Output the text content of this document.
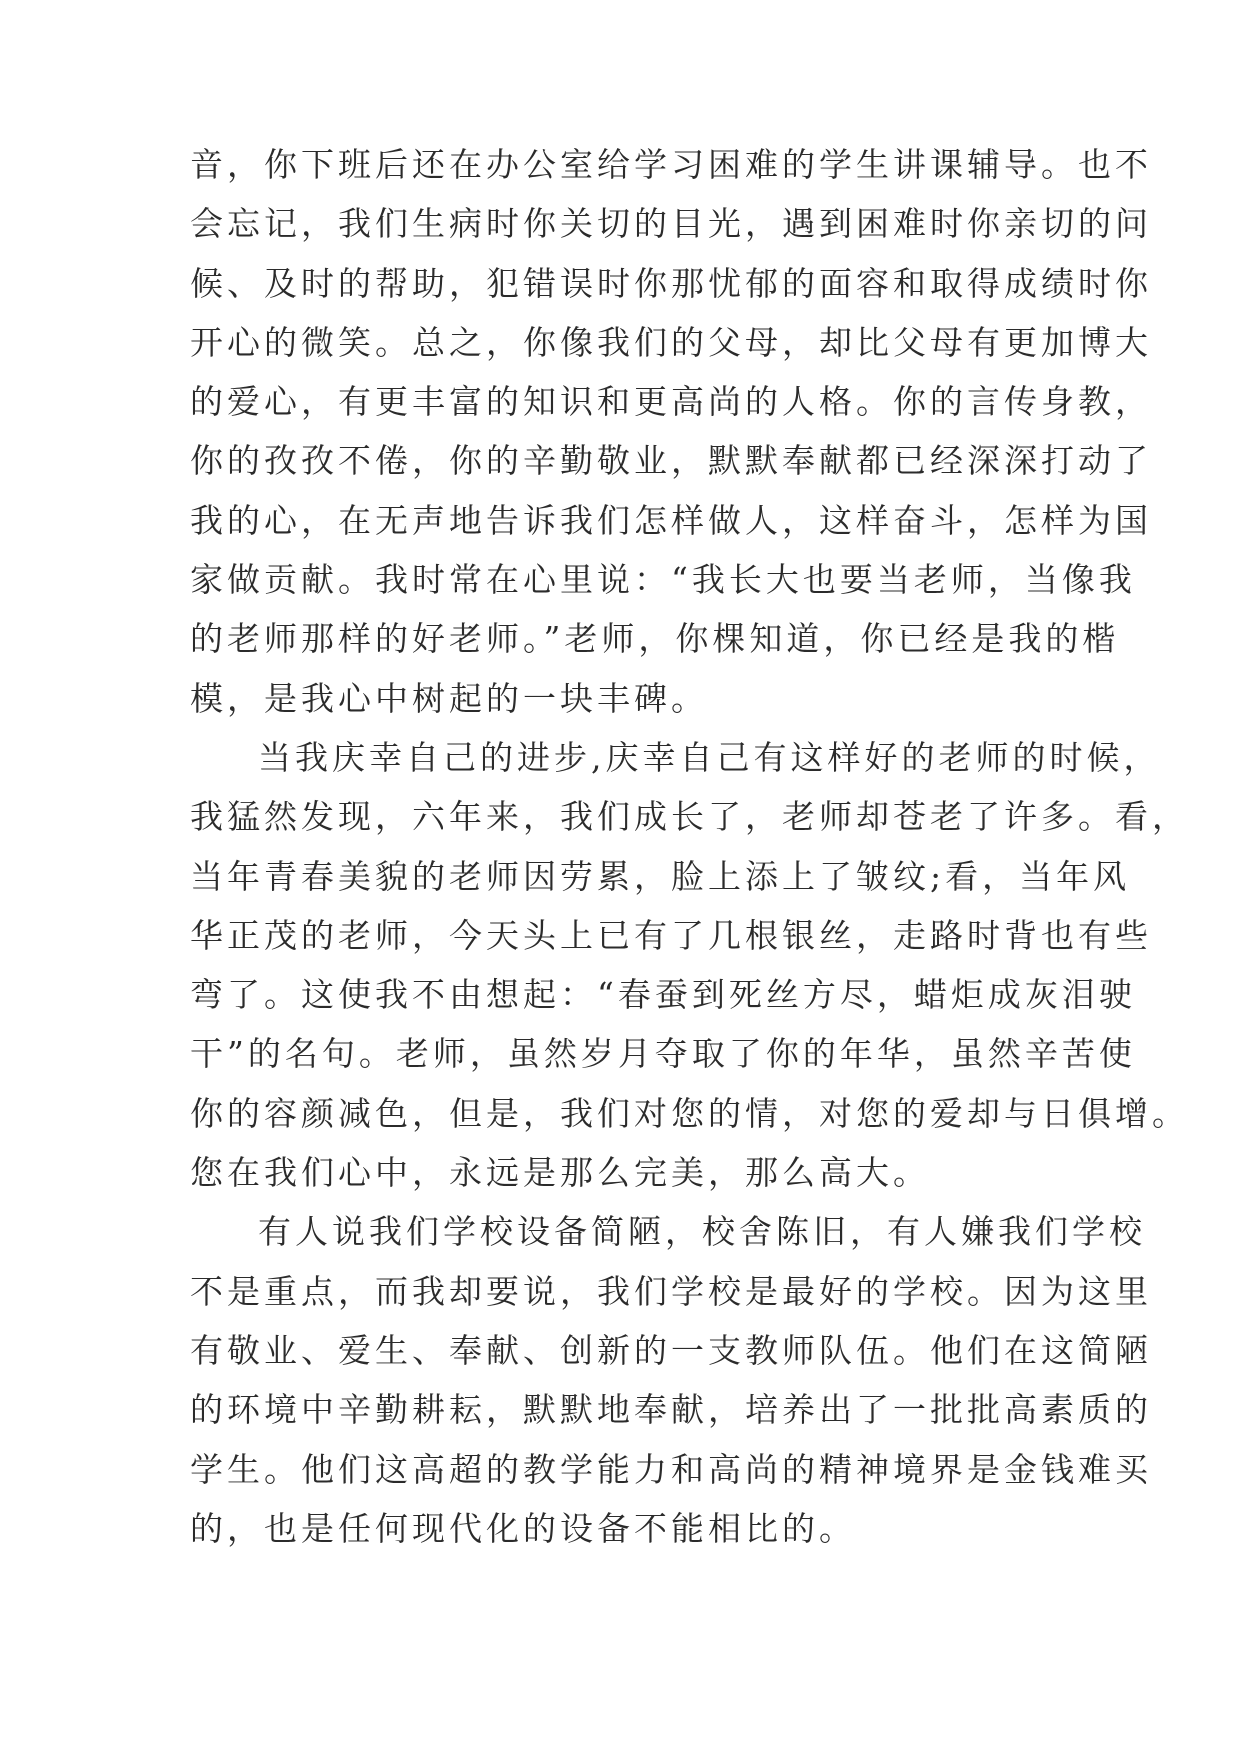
音，你下班后还在办公室给学习困难的学生讲课辅导。也不
会忘记，我们生病时你关切的目光，遇到困难时你亲切的问
候、及时的帮助，犯错误时你那忧郁的面容和取得成绩时你
开心的微笑。总之，你像我们的父母，却比父母有更加博大
的爱心，有更丰富的知识和更高尚的人格。你的言传身教，
你的孜孜不倦，你的辛勤敬业，默默奉献都已经深深打动了
我的心，在无声地告诉我们怎样做人，这样奋斗，怎样为国
家做贡献。我时常在心里说：“我长大也要当老师，当像我
的老师那样的好老师。”老师，你棵知道，你已经是我的楷
模，是我心中树起的一块丰碑。
当我庆幸自己的进步,庆幸自己有这样好的老师的时候，
我猛然发现，六年来，我们成长了，老师却苍老了许多。看，
当年青春美貌的老师因劳累，脸上添上了皱纹;看，当年风
华正茂的老师，今天头上已有了几根银丝，走路时背也有些
弯了。这使我不由想起：“春蚕到死丝方尽，蜡炬成灰泪驶
干”的名句。老师，虽然岁月夺取了你的年华，虽然辛苦使
你的容颜减色，但是，我们对您的情，对您的爱却与日俱增。
您在我们心中，永远是那么完美，那么高大。
有人说我们学校设备简陋，校舍陈旧，有人嫌我们学校
不是重点，而我却要说，我们学校是最好的学校。因为这里
有敬业、爱生、奉献、创新的一支教师队伍。他们在这简陋
的环境中辛勤耕耘，默默地奉献，培养出了一批批高素质的
学生。他们这高超的教学能力和高尚的精神境界是金钱难买
的，也是任何现代化的设备不能相比的。
